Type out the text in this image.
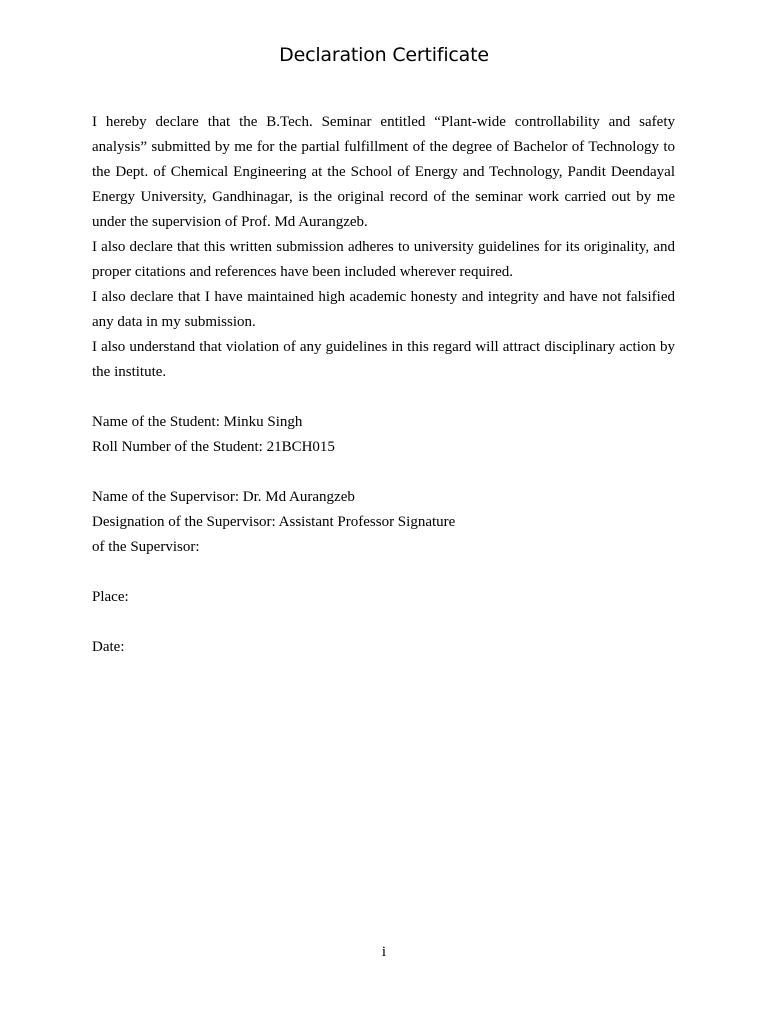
Declaration Certificate

I hereby declare that the B.Tech. Seminar entitled “Plant-wide controllability and safety analysis” submitted by me for the partial fulfillment of the degree of Bachelor of Technology to the Dept. of Chemical Engineering at the School of Energy and Technology, Pandit Deendayal Energy University, Gandhinagar, is the original record of the seminar work carried out by me under the supervision of Prof. Md Aurangzeb.

I also declare that this written submission adheres to university guidelines for its originality, and proper citations and references have been included wherever required.

I also declare that I have maintained high academic honesty and integrity and have not falsified any data in my submission.

I also understand that violation of any guidelines in this regard will attract disciplinary action by the institute.

Name of the Student: Minku Singh

Roll Number of the Student: 21BCH015

Name of the Supervisor: Dr. Md Aurangzeb

Designation of the Supervisor: Assistant Professor Signature

of the Supervisor:

Place:

Date:

i
